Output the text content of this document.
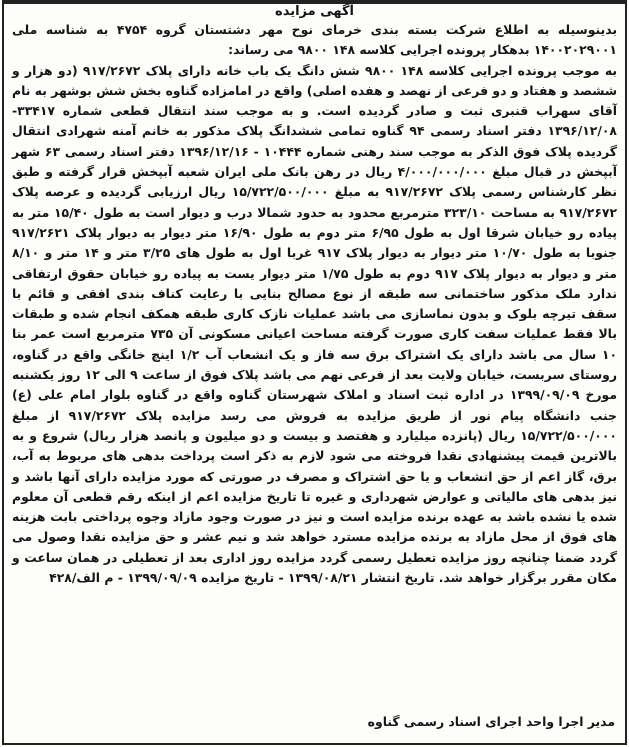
آگهی مزایده

بدینوسیله به اطلاع شرکت بسته بندی خرمای نوح مهر دشتستان گروه ۴۷۵۴ به شناسه ملی ۱۴۰۰۲۰۲۹۰۰۱ بدهکار پرونده اجرایی کلاسه ۱۴۸ ۹۸۰۰ می رساند:

به موجب پرونده اجرایی کلاسه ۱۴۸ ۹۸۰۰ شش دانگ یک باب خانه دارای پلاک ۹۱۷/۲۶۷۲ (دو هزار و ششصد و هفتاد و دو فرعی از نهصد و هفده اصلی) واقع در امامزاده گناوه بخش شش بوشهر به نام آقای سهراب قنبری ثبت و صادر گردیده است. و به موجب سند انتقال قطعی شماره ۳۳۴۱۷- ۱۳۹۶/۱۲/۰۸ دفتر اسناد رسمی ۹۴ گناوه تمامی ششدانگ پلاک مذکور به خانم آمنه شهرادی انتقال گردیده پلاک فوق الذکر به موجب سند رهنی شماره ۱۰۴۴۴ - ۱۳۹۶/۱۲/۱۶ دفتر اسناد رسمی ۶۳ شهر آبپخش در قبال مبلغ ۴/۰۰۰/۰۰۰/۰۰۰ ریال در رهن بانک ملی ایران شعبه آبپخش قرار گرفته و طبق نظر کارشناس رسمی پلاک ۹۱۷/۲۶۷۲ به مبلغ ۱۵/۷۲۲/۵۰۰/۰۰۰ ریال ارزیابی گردیده و عرصه پلاک ۹۱۷/۲۶۷۲ به مساحت ۳۲۳/۱۰ مترمربع محدود به حدود شمالا درب و دیوار است به طول ۱۵/۴۰ متر به پیاده رو خیابان شرقا اول به طول ۶/۹۵ متر دوم به طول ۱۶/۹۰ متر دیوار به دیوار پلاک ۹۱۷/۲۶۲۱ جنوبا به طول ۱۰/۷۰ متر دیوار به دیوار پلاک ۹۱۷ غربا اول به طول های ۳/۲۵ متر و ۱۴ متر و ۸/۱۰ متر و دیوار به دیوار پلاک ۹۱۷ دوم به طول ۱/۷۵ متر دیوار یست به پیاده رو خیابان حقوق ارتفاقی ندارد ملک مذکور ساختمانی سه طبقه از نوع مصالح بنایی با رعایت کناف بندی افقی و قائم با سقف تیرچه بلوک و بدون نماسازی می باشد عملیات نازک کاری طبقه همکف انجام شده و طبقات بالا فقط عملیات سفت کاری صورت گرفته مساحت اعیانی مسکونی آن ۷۳۵ مترمربع است عمر بنا ۱۰ سال می باشد دارای یک اشتراک برق سه فاز و یک انشعاب آب ۱/۲ اینچ خانگی واقع در گناوه، روستای سربست، خیابان ولایت بعد از فرعی نهم می باشد پلاک فوق از ساعت ۹ الی ۱۲ روز یکشنبه مورخ ۱۳۹۹/۰۹/۰۹ در اداره ثبت اسناد و املاک شهرستان گناوه واقع در گناوه بلوار امام علی (ع) جنب دانشگاه پیام نور از طریق مزایده به فروش می رسد مزایده پلاک ۹۱۷/۲۶۷۲ از مبلغ ۱۵/۷۲۲/۵۰۰/۰۰۰ ریال (پانزده میلیارد و هفتصد و بیست و دو میلیون و پانصد هزار ریال) شروع و به بالاترین قیمت پیشنهادی نقدا فروخته می شود لازم به ذکر است پرداخت بدهی های مربوط به آب، برق، گاز اعم از حق انشعاب و یا حق اشتراک و مصرف در صورتی که مورد مزایده دارای آنها باشد و نیز بدهی های مالیاتی و عوارض شهرداری و غیره تا تاریخ مزایده اعم از اینکه رقم قطعی آن معلوم شده یا نشده باشد به عهده برنده مزایده است و نیز در صورت وجود مازاد وجوه پرداختی بابت هزینه های فوق از محل مازاد به برنده مزایده مسترد خواهد شد و نیم عشر و حق مزایده نقدا وصول می گردد ضمنا چنانچه روز مزایده تعطیل رسمی گردد مزایده روز اداری بعد از تعطیلی در همان ساعت و مکان مقرر برگزار خواهد شد. تاریخ انتشار ۱۳۹۹/۰۸/۲۱ - تاریخ مزایده ۱۳۹۹/۰۹/۰۹ - م الف/۴۲۸

مدیر اجرا واحد اجرای اسناد رسمی گناوه
